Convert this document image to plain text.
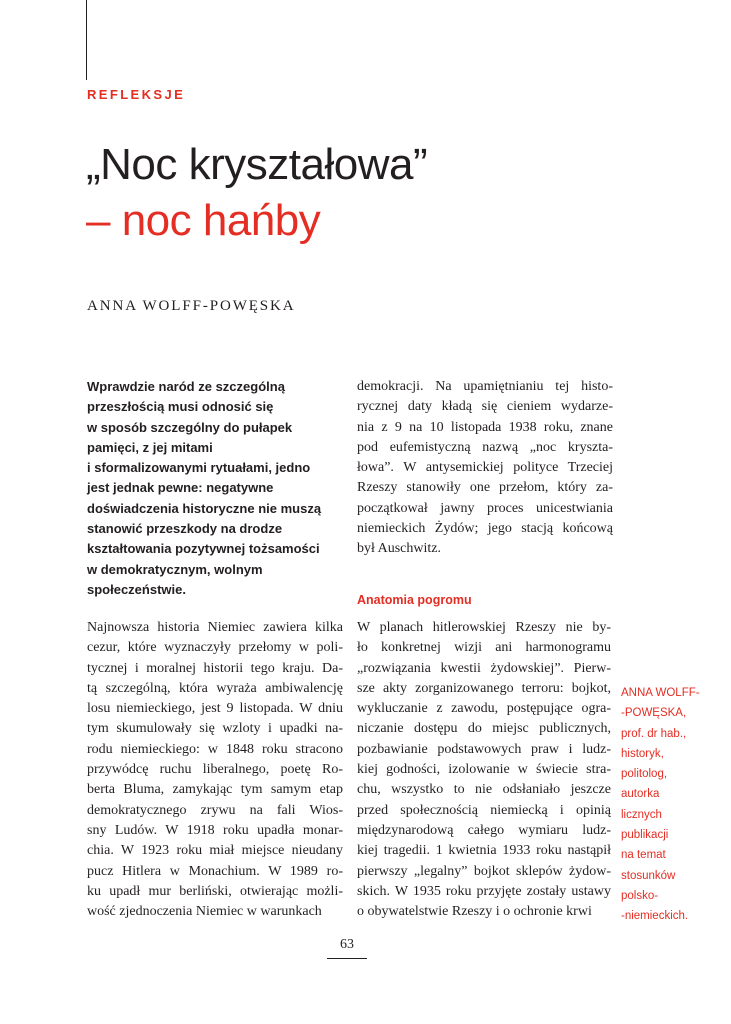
REFLEKSJE
„Noc kryształowa”
– noc hańby
ANNA WOLFF-POWĘSKA

Wprawdzie naród ze szczególną
przeszłością musi odnosić się
w sposób szczególny do pułapek
pamięci, z jej mitami
i sformalizowanymi rytuałami, jedno
jest jednak pewne: negatywne
doświadczenia historyczne nie muszą
stanowić przeszkody na drodze
kształtowania pozytywnej tożsamości
w demokratycznym, wolnym
społeczeństwie.

Najnowsza historia Niemiec zawiera kilka
cezur, które wyznaczyły przełomy w poli-
tycznej i moralnej historii tego kraju. Da-
tą szczególną, która wyraża ambiwalencję
losu niemieckiego, jest 9 listopada. W dniu
tym skumulowały się wzloty i upadki na-
rodu niemieckiego: w 1848 roku stracono
przywódcę ruchu liberalnego, poetę Ro-
berta Bluma, zamykając tym samym etap
demokratycznego zrywu na fali Wios-
sny Ludów. W 1918 roku upadła monar-
chia. W 1923 roku miał miejsce nieudany
pucz Hitlera w Monachium. W 1989 ro-
ku upadł mur berliński, otwierając możli-
wość zjednoczenia Niemiec w warunkach

demokracji. Na upamiętnianiu tej histo-
rycznej daty kładą się cieniem wydarze-
nia z 9 na 10 listopada 1938 roku, znane
pod eufemistyczną nazwą „noc kryszta-
łowa”. W antysemickiej polityce Trzeciej
Rzeszy stanowiły one przełom, który za-
początkował jawny proces unicestwiania
niemieckich Żydów; jego stacją końcową
był Auschwitz.

Anatomia pogromu

W planach hitlerowskiej Rzeszy nie by-
ło konkretnej wizji ani harmonogramu
„rozwiązania kwestii żydowskiej”. Pierw-
sze akty zorganizowanego terroru: bojkot,
wykluczanie z zawodu, postępujące ogra-
niczanie dostępu do miejsc publicznych,
pozbawianie podstawowych praw i ludz-
kiej godności, izolowanie w świecie stra-
chu, wszystko to nie odsłaniało jeszcze
przed społecznością niemiecką i opinią
międzynarodową całego wymiaru ludz-
kiej tragedii. 1 kwietnia 1933 roku nastąpił
pierwszy „legalny” bojkot sklepów żydow-
skich. W 1935 roku przyjęte zostały ustawy
o obywatelstwie Rzeszy i o ochronie krwi

ANNA WOLFF-
-POWĘSKA,
prof. dr hab.,
historyk,
politolog,
autorka
licznych
publikacji
na temat
stosunków
polsko-
-niemieckich.

63
